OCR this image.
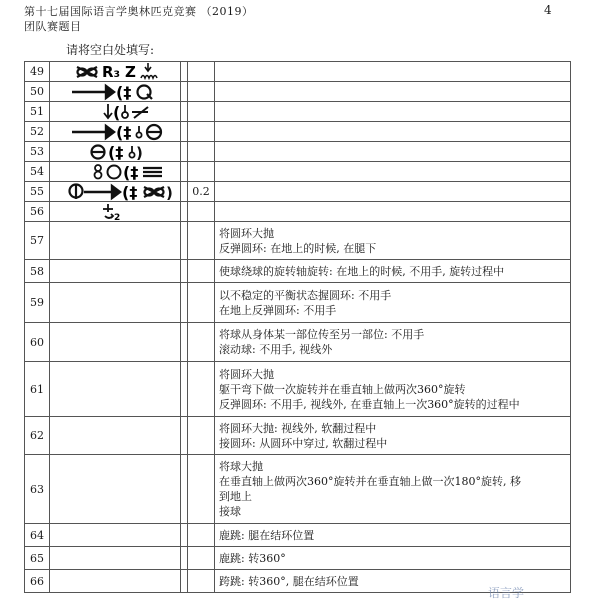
第十七届国际语言学奥林匹克竞赛 （2019）
团队赛题目
4
请将空白处填写:
49	R₃ Z			

50	(‡			

51	(			

52	(‡			

53	(‡ )			

54	(‡			

55	(‡ )		0.2	
56	2			

57				将圆环大抛
反弹圆环: 在地上的时候, 在腿下

58				使球绕球的旋转轴旋转: 在地上的时候, 不用手, 旋转过程中

59				以不稳定的平衡状态握圆环: 不用手
在地上反弹圆环: 不用手

60				将球从身体某一部位传至另一部位: 不用手
滚动球: 不用手, 视线外

61				将圆环大抛
躯干弯下做一次旋转并在垂直轴上做两次360°旋转
反弹圆环: 不用手, 视线外, 在垂直轴上一次360°旋转的过程中

62				将圆环大抛: 视线外, 软翻过程中
接圆环: 从圆环中穿过, 软翻过程中

63				将球大抛
在垂直轴上做两次360°旋转并在垂直轴上做一次180°旋转, 移
到地上
接球

64				鹿跳: 腿在结环位置

65				鹿跳: 转360°

66				跨跳: 转360°, 腿在结环位置
语言学
